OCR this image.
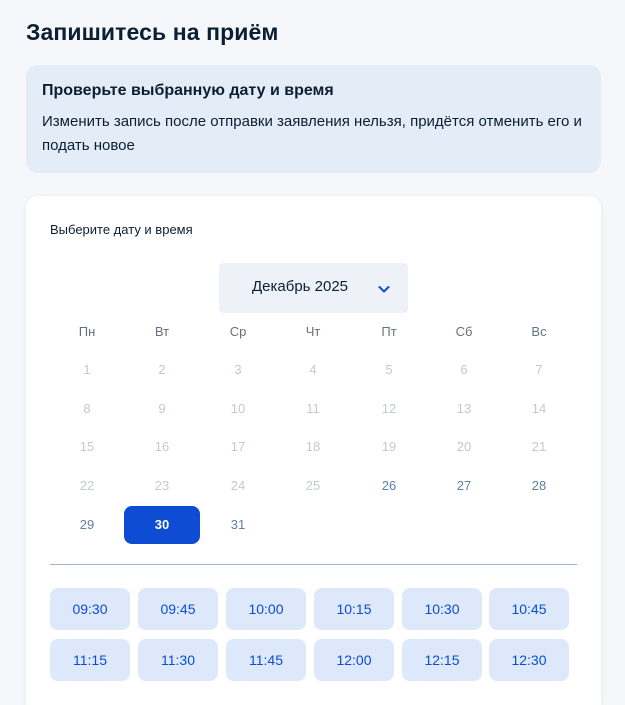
Запишитесь на приём
Проверьте выбранную дату и время
Изменить запись после отправки заявления нельзя, придётся отменить его и подать новое
Выберите дату и время
Декабрь 2025
Пн	Вт	Ср	Чт	Пт	Сб	Вс
1	2	3	4	5	6	7
8	9	10	11	12	13	14
15	16	17	18	19	20	21
22	23	24	25	26	27	28
29	30	31
09:30	09:45	10:00	10:15	10:30	10:45
11:15	11:30	11:45	12:00	12:15	12:30
